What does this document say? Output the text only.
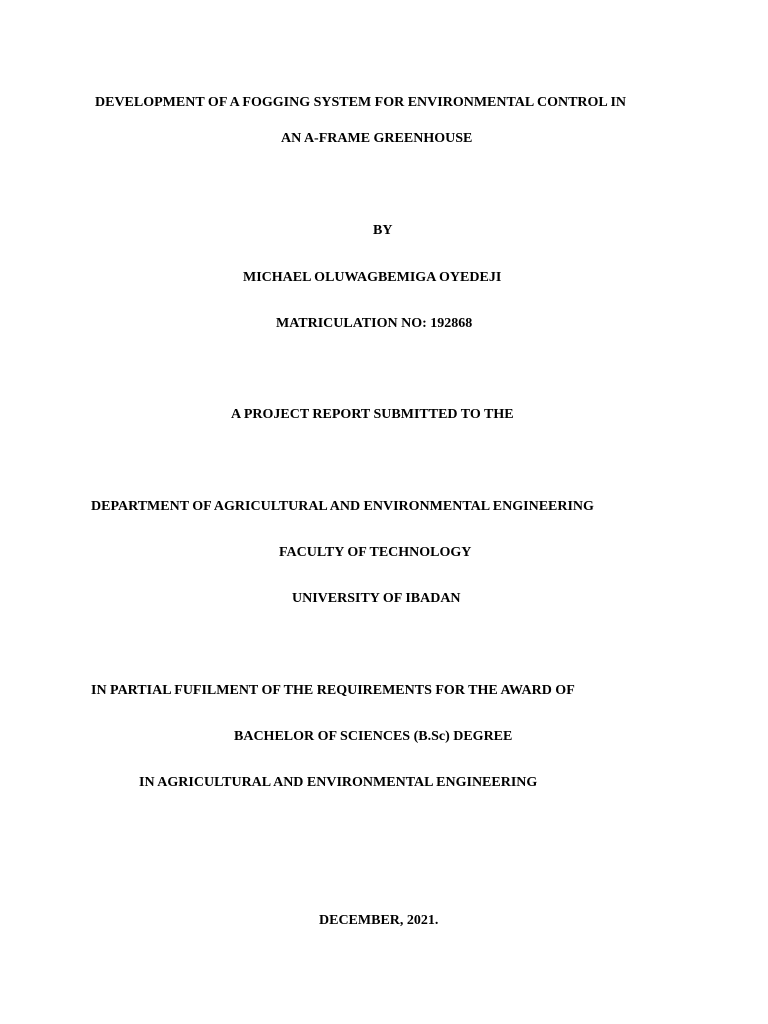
DEVELOPMENT OF A FOGGING SYSTEM FOR ENVIRONMENTAL CONTROL IN

AN A-FRAME GREENHOUSE

BY

MICHAEL OLUWAGBEMIGA OYEDEJI

MATRICULATION NO: 192868

A PROJECT REPORT SUBMITTED TO THE

DEPARTMENT OF AGRICULTURAL AND ENVIRONMENTAL ENGINEERING

FACULTY OF TECHNOLOGY

UNIVERSITY OF IBADAN

IN PARTIAL FUFILMENT OF THE REQUIREMENTS FOR THE AWARD OF

BACHELOR OF SCIENCES (B.Sc) DEGREE

IN AGRICULTURAL AND ENVIRONMENTAL ENGINEERING

DECEMBER, 2021.
